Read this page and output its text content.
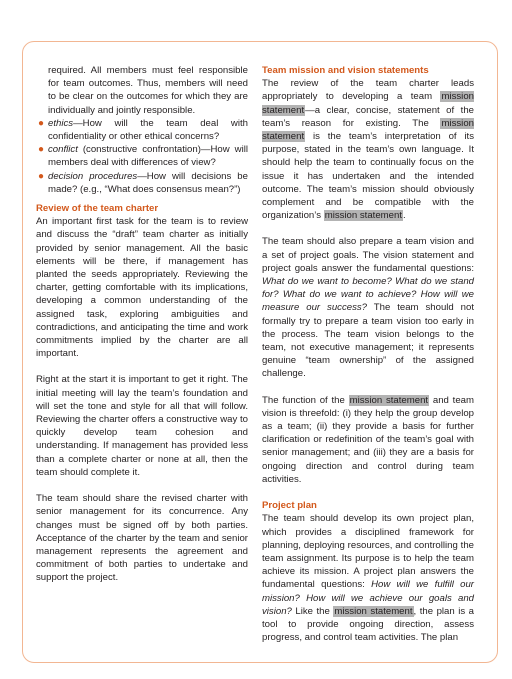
required. All members must feel responsible for team outcomes. Thus, members will need to be clear on the outcomes for which they are individually and jointly responsible.

● ethics—How will the team deal with confidentiality or other ethical concerns?
● conflict (constructive confrontation)—How will members deal with differences of view?
● decision procedures—How will decisions be made? (e.g., “What does consensus mean?”)
Review of the team charter

An important first task for the team is to review and discuss the “draft” team charter as initially provided by senior management. All the basic elements will be there, if management has planted the seeds appropriately. Reviewing the charter, getting comfortable with its implications, developing a common understanding of the assigned task, exploring ambiguities and contradictions, and anticipating the time and work commitments implied by the charter are all important.

Right at the start it is important to get it right. The initial meeting will lay the team’s foundation and will set the tone and style for all that will follow. Reviewing the charter offers a constructive way to quickly develop team cohesion and understanding. If management has provided less than a complete charter or none at all, then the team should complete it.

The team should share the revised charter with senior management for its concurrence. Any changes must be signed off by both parties. Acceptance of the charter by the team and senior management represents the agreement and commitment of both parties to undertake and support the project.

Team mission and vision statements

The review of the team charter leads appropriately to developing a team mission statement—a clear, concise, statement of the team’s reason for existing. The mission statement is the team’s interpretation of its purpose, stated in the team’s own language. It should help the team to continually focus on the issue it has undertaken and the intended outcome. The team’s mission should obviously complement and be compatible with the organization’s mission statement.

The team should also prepare a team vision and a set of project goals. The vision statement and project goals answer the fundamental questions: What do we want to become? What do we stand for? What do we want to achieve? How will we measure our success? The team should not formally try to prepare a team vision too early in the process. The team vision belongs to the team, not executive management; it represents genuine “team ownership” of the assigned challenge.

The function of the mission statement and team vision is threefold: (i) they help the group develop as a team; (ii) they provide a basis for further clarification or redefinition of the team’s goal with senior management; and (iii) they are a basis for ongoing direction and control during team activities.

Project plan

The team should develop its own project plan, which provides a disciplined framework for planning, deploying resources, and controlling the team assignment. Its purpose is to help the team achieve its mission. A project plan answers the fundamental questions: How will we fulfill our mission? How will we achieve our goals and vision? Like the mission statement, the plan is a tool to provide ongoing direction, assess progress, and control team activities. The plan
